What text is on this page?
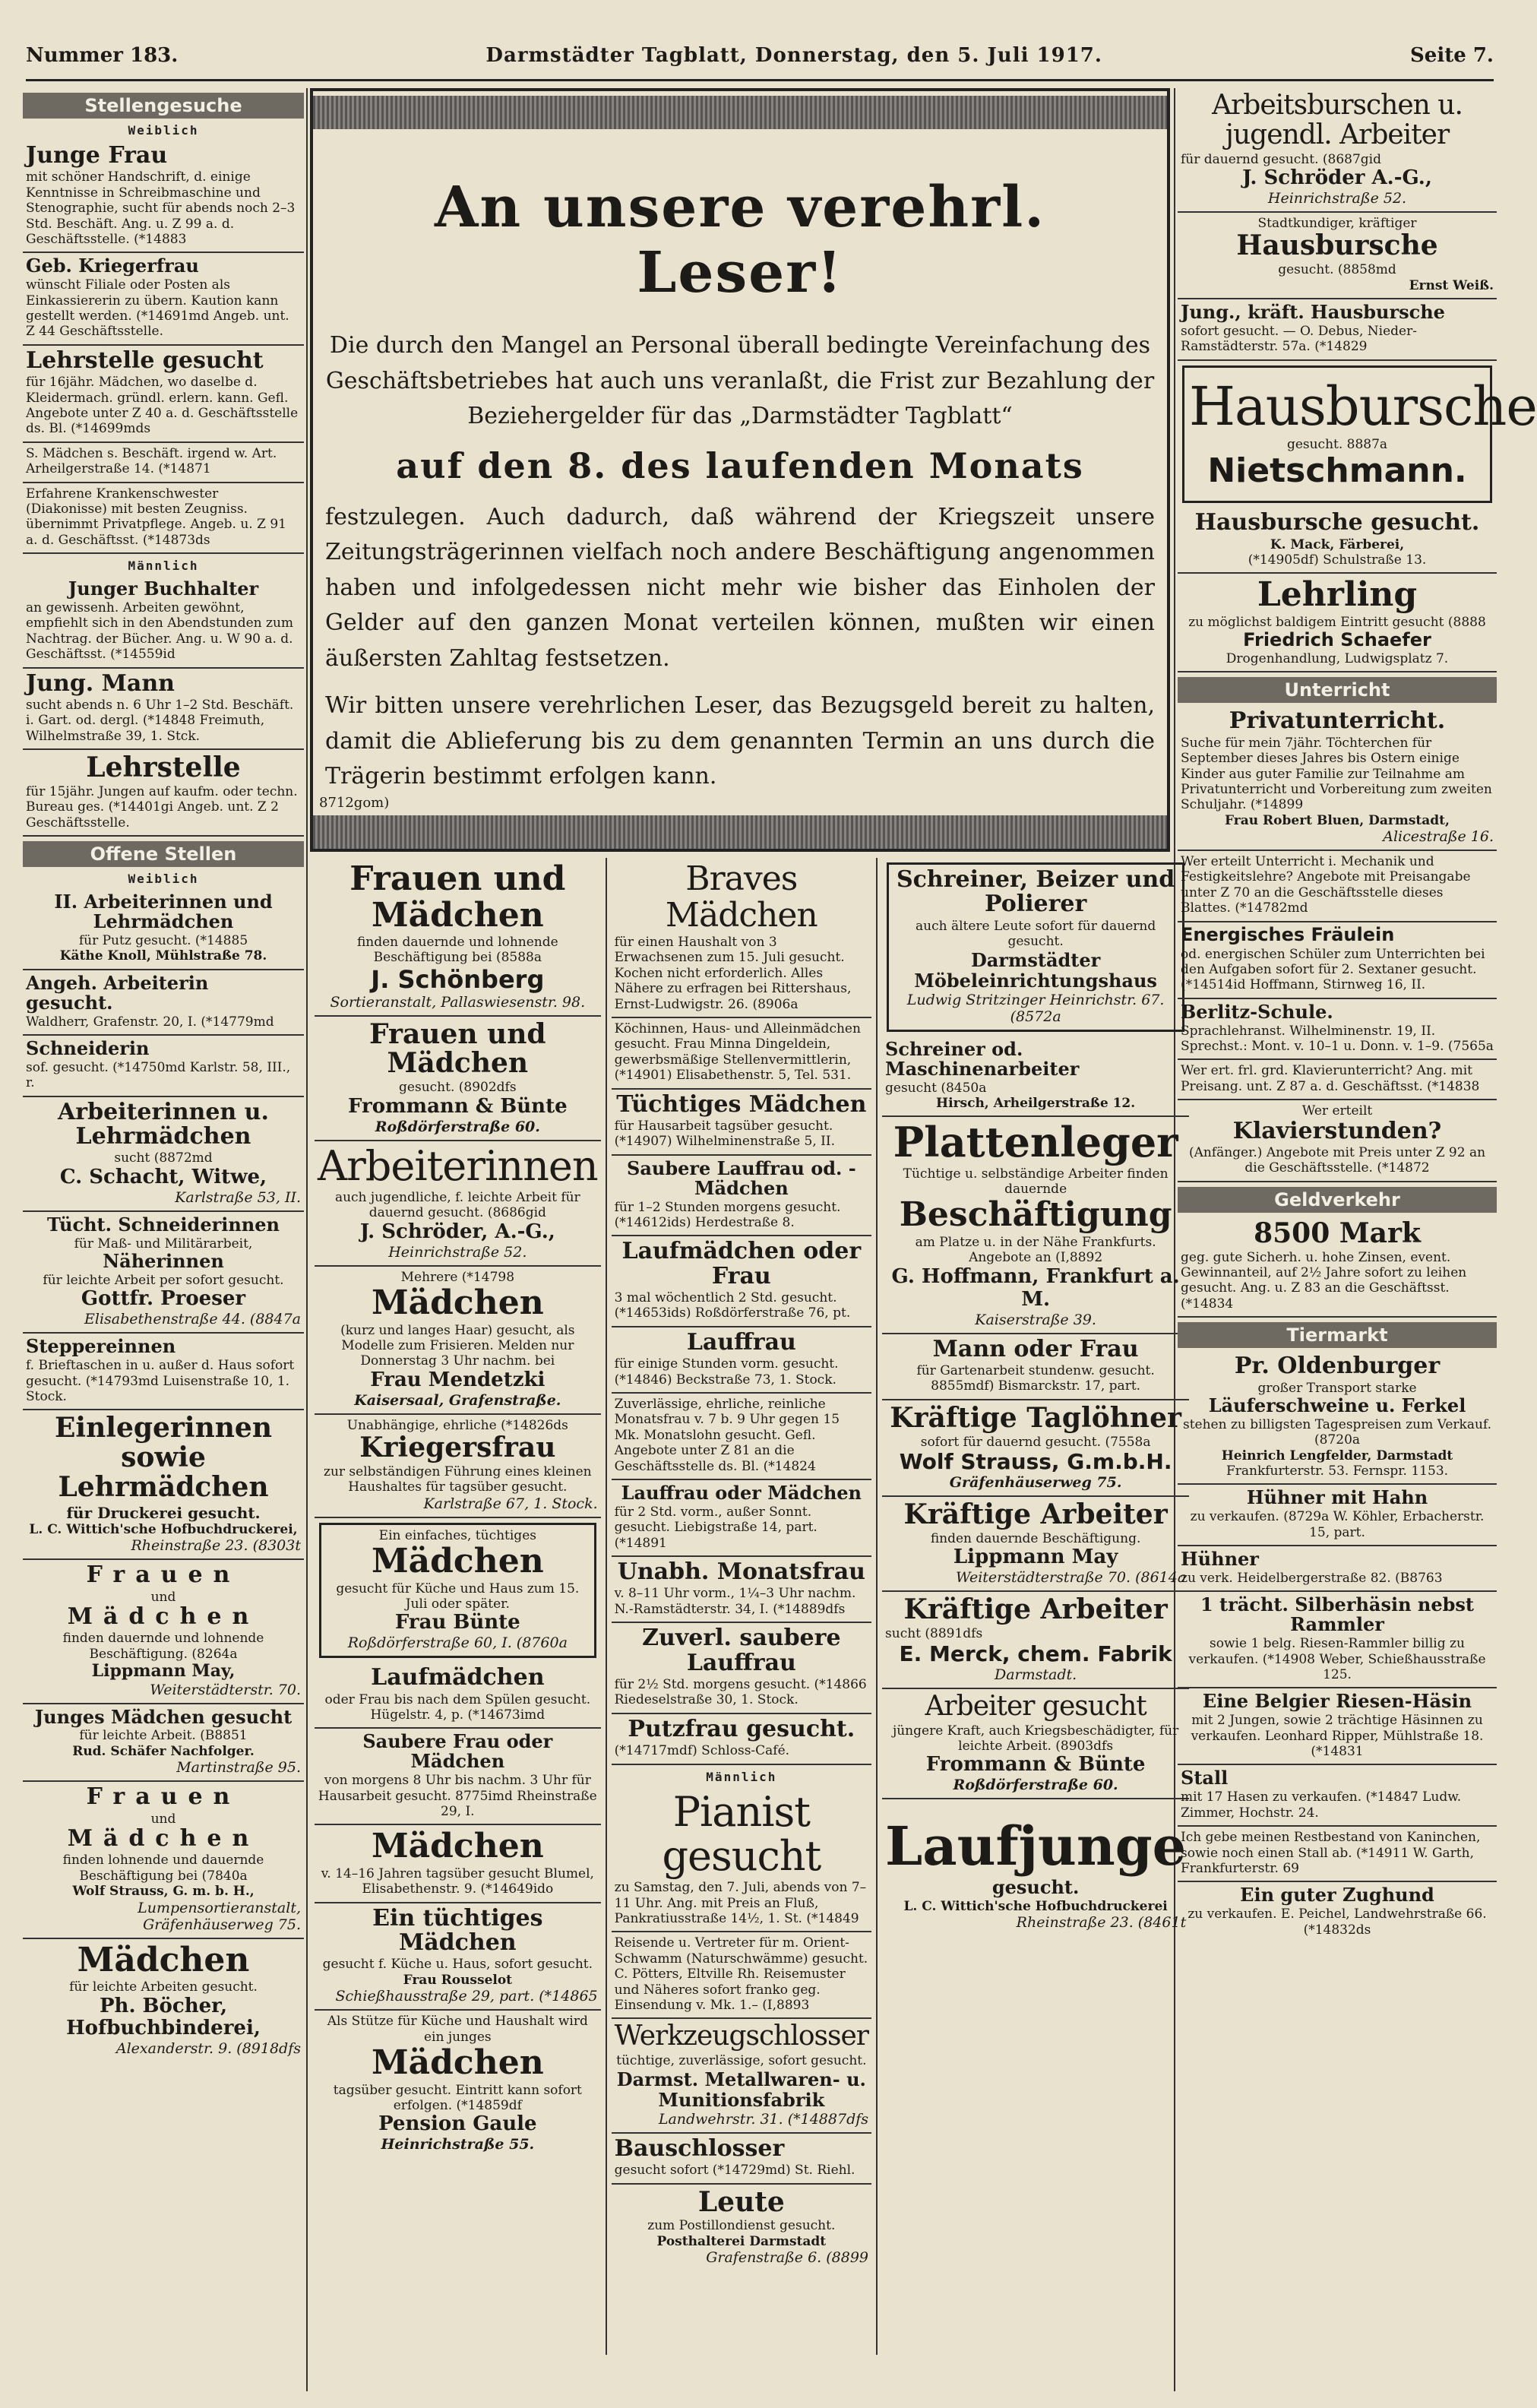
Nummer 183.	Darmstädter Tagblatt, Donnerstag, den 5. Juli 1917.	Seite 7.
Stellengesuche
Weiblich
Junge Frau
mit schöner Handschrift, d. einige Kenntnisse in Schreibmaschine und Stenographie, sucht für abends noch 2–3 Std. Beschäft. Ang. u. Z 99 a. d. Geschäftsstelle. (*14883
Geb. Kriegerfrau
wünscht Filiale oder Posten als Einkassiererin zu übern. Kaution kann gestellt werden. (*14691md Angeb. unt. Z 44 Geschäftsstelle.
Lehrstelle gesucht
für 16jähr. Mädchen, wo daselbe d. Kleidermach. gründl. erlern. kann. Gefl. Angebote unter Z 40 a. d. Geschäftsstelle ds. Bl. (*14699mds
S. Mädchen s. Beschäft. irgend w. Art. Arheilgerstraße 14. (*14871
Erfahrene Krankenschwester (Diakonisse) mit besten Zeugniss. übernimmt Privatpflege. Angeb. u. Z 91 a. d. Geschäftsst. (*14873ds
Männlich
Junger Buchhalter
an gewissenh. Arbeiten gewöhnt, empfiehlt sich in den Abendstunden zum Nachtrag. der Bücher. Ang. u. W 90 a. d. Geschäftsst. (*14559id
Jung. Mann
sucht abends n. 6 Uhr 1–2 Std. Beschäft. i. Gart. od. dergl. (*14848 Freimuth, Wilhelmstraße 39, 1. Stck.
Lehrstelle
für 15jähr. Jungen auf kaufm. oder techn. Bureau ges. (*14401gi Angeb. unt. Z 2 Geschäftsstelle.
Offene Stellen
Weiblich
II. Arbeiterinnen und Lehrmädchen
für Putz gesucht. (*14885
Käthe Knoll, Mühlstraße 78.
Angeh. Arbeiterin gesucht.
Waldherr, Grafenstr. 20, I. (*14779md
Schneiderin
sof. gesucht. (*14750md Karlstr. 58, III., r.
Arbeiterinnen u. Lehrmädchen
sucht (8872md
C. Schacht, Witwe,
Karlstraße 53, II.
Tücht. Schneiderinnen
für Maß- und Militärarbeit,
Näherinnen
für leichte Arbeit per sofort gesucht.
Gottfr. Proeser
Elisabethenstraße 44. (8847a
Steppereinnen
f. Brieftaschen in u. außer d. Haus sofort gesucht. (*14793md Luisenstraße 10, 1. Stock.
Einlegerinnen sowie Lehrmädchen
für Druckerei gesucht.
L. C. Wittich'sche Hofbuchdruckerei,
Rheinstraße 23. (8303t
Frauen
und
Mädchen
finden dauernde und lohnende Beschäftigung. (8264a
Lippmann May,
Weiterstädterstr. 70.
Junges Mädchen gesucht
für leichte Arbeit. (B8851
Rud. Schäfer Nachfolger.
Martinstraße 95.
Frauen
und
Mädchen
finden lohnende und dauernde Beschäftigung bei (7840a
Wolf Strauss, G. m. b. H.,
Lumpensortieranstalt, Gräfenhäuserweg 75.
Mädchen
für leichte Arbeiten gesucht.
Ph. Böcher, Hofbuchbinderei,
Alexanderstr. 9. (8918dfs
An unsere verehrl. Leser!

Die durch den Mangel an Personal überall bedingte Vereinfachung des Geschäftsbetriebes hat auch uns veranlaßt, die Frist zur Bezahlung der Beziehergelder für das „Darmstädter Tagblatt“

auf den 8. des laufenden Monats

festzulegen. Auch dadurch, daß während der Kriegszeit unsere Zeitungsträgerinnen vielfach noch andere Beschäftigung angenommen haben und infolgedessen nicht mehr wie bisher das Einholen der Gelder auf den ganzen Monat verteilen können, mußten wir einen äußersten Zahltag festsetzen.

Wir bitten unsere verehrlichen Leser, das Bezugsgeld bereit zu halten, damit die Ablieferung bis zu dem genannten Termin an uns durch die Trägerin bestimmt erfolgen kann.

8712gom)
Frauen und Mädchen
finden dauernde und lohnende Beschäftigung bei (8588a
J. Schönberg
Sortieranstalt, Pallaswiesenstr. 98.
Frauen und Mädchen
gesucht. (8902dfs
Frommann & Bünte
Roßdörferstraße 60.
Arbeiterinnen
auch jugendliche, f. leichte Arbeit für dauernd gesucht. (8686gid
J. Schröder, A.-G.,
Heinrichstraße 52.
Mehrere (*14798
Mädchen
(kurz und langes Haar) gesucht, als Modelle zum Frisieren. Melden nur Donnerstag 3 Uhr nachm. bei
Frau Mendetzki
Kaisersaal, Grafenstraße.
Unabhängige, ehrliche (*14826ds
Kriegersfrau
zur selbständigen Führung eines kleinen Haushaltes für tagsüber gesucht.
Karlstraße 67, 1. Stock.
Ein einfaches, tüchtiges
Mädchen
gesucht für Küche und Haus zum 15. Juli oder später.
Frau Bünte
Roßdörferstraße 60, I. (8760a
Laufmädchen
oder Frau bis nach dem Spülen gesucht. Hügelstr. 4, p. (*14673imd
Saubere Frau oder Mädchen
von morgens 8 Uhr bis nachm. 3 Uhr für Hausarbeit gesucht. 8775imd Rheinstraße 29, I.
Mädchen
v. 14–16 Jahren tagsüber gesucht Blumel, Elisabethenstr. 9. (*14649ido
Ein tüchtiges Mädchen
gesucht f. Küche u. Haus, sofort gesucht.
Frau Rousselot
Schießhausstraße 29, part. (*14865
Als Stütze für Küche und Haushalt wird ein junges
Mädchen
tagsüber gesucht. Eintritt kann sofort erfolgen. (*14859df
Pension Gaule
Heinrichstraße 55.
Braves Mädchen
für einen Haushalt von 3 Erwachsenen zum 15. Juli gesucht. Kochen nicht erforderlich. Alles Nähere zu erfragen bei Rittershaus, Ernst-Ludwigstr. 26. (8906a
Köchinnen, Haus- und Alleinmädchen gesucht. Frau Minna Dingeldein, gewerbsmäßige Stellenvermittlerin, (*14901) Elisabethenstr. 5, Tel. 531.
Tüchtiges Mädchen
für Hausarbeit tagsüber gesucht. (*14907) Wilhelminenstraße 5, II.
Saubere Lauffrau od. -Mädchen
für 1–2 Stunden morgens gesucht. (*14612ids) Herdestraße 8.
Laufmädchen oder Frau
3 mal wöchentlich 2 Std. gesucht. (*14653ids) Roßdörferstraße 76, pt.
Lauffrau
für einige Stunden vorm. gesucht. (*14846) Beckstraße 73, 1. Stock.
Zuverlässige, ehrliche, reinliche Monatsfrau v. 7 b. 9 Uhr gegen 15 Mk. Monatslohn gesucht. Gefl. Angebote unter Z 81 an die Geschäftsstelle ds. Bl. (*14824
Lauffrau oder Mädchen
für 2 Std. vorm., außer Sonnt. gesucht. Liebigstraße 14, part. (*14891
Unabh. Monatsfrau
v. 8–11 Uhr vorm., 1¼–3 Uhr nachm. N.-Ramstädterstr. 34, I. (*14889dfs
Zuverl. saubere Lauffrau
für 2½ Std. morgens gesucht. (*14866 Riedeselstraße 30, 1. Stock.
Putzfrau gesucht.
(*14717mdf) Schloss-Café.
Männlich
Pianist gesucht
zu Samstag, den 7. Juli, abends von 7–11 Uhr. Ang. mit Preis an Fluß, Pankratiusstraße 14½, 1. St. (*14849
Reisende u. Vertreter für m. Orient-Schwamm (Naturschwämme) gesucht. C. Pötters, Eltville Rh. Reisemuster und Näheres sofort franko geg. Einsendung v. Mk. 1.– (I,8893
Werkzeugschlosser
tüchtige, zuverlässige, sofort gesucht.
Darmst. Metallwaren- u. Munitionsfabrik
Landwehrstr. 31. (*14887dfs
Bauschlosser
gesucht sofort (*14729md) St. Riehl.
Leute
zum Postillondienst gesucht.
Posthalterei Darmstadt
Grafenstraße 6. (8899
Schreiner, Beizer und Polierer
auch ältere Leute sofort für dauernd gesucht.
Darmstädter Möbeleinrichtungshaus
Ludwig Stritzinger Heinrichstr. 67. (8572a
Schreiner od. Maschinenarbeiter
gesucht (8450a
Hirsch, Arheilgerstraße 12.
Plattenleger
Tüchtige u. selbständige Arbeiter finden dauernde
Beschäftigung
am Platze u. in der Nähe Frankfurts. Angebote an (I,8892
G. Hoffmann, Frankfurt a. M.
Kaiserstraße 39.
Mann oder Frau
für Gartenarbeit stundenw. gesucht. 8855mdf) Bismarckstr. 17, part.
Kräftige Taglöhner
sofort für dauernd gesucht. (7558a
Wolf Strauss, G.m.b.H.
Gräfenhäuserweg 75.
Kräftige Arbeiter
finden dauernde Beschäftigung.
Lippmann May
Weiterstädterstraße 70. (8614a
Kräftige Arbeiter
sucht (8891dfs
E. Merck, chem. Fabrik
Darmstadt.
Arbeiter gesucht
jüngere Kraft, auch Kriegsbeschädigter, für leichte Arbeit. (8903dfs
Frommann & Bünte
Roßdörferstraße 60.
Laufjunge
gesucht.
L. C. Wittich'sche Hofbuchdruckerei
Rheinstraße 23. (8461t
Arbeitsburschen u. jugendl. Arbeiter
für dauernd gesucht. (8687gid
J. Schröder A.-G.,
Heinrichstraße 52.
Stadtkundiger, kräftiger
Hausbursche
gesucht. (8858md
Ernst Weiß.
Jung., kräft. Hausbursche
sofort gesucht. — O. Debus, Nieder-Ramstädterstr. 57a. (*14829
Hausbursche
gesucht. 8887a
Nietschmann.
Hausbursche gesucht.
K. Mack, Färberei,
(*14905df) Schulstraße 13.
Lehrling
zu möglichst baldigem Eintritt gesucht (8888
Friedrich Schaefer
Drogenhandlung, Ludwigsplatz 7.
Unterricht
Privatunterricht.
Suche für mein 7jähr. Töchterchen für September dieses Jahres bis Ostern einige Kinder aus guter Familie zur Teilnahme am Privatunterricht und Vorbereitung zum zweiten Schuljahr. (*14899
Frau Robert Bluen, Darmstadt,
Alicestraße 16.
Wer erteilt Unterricht i. Mechanik und Festigkeitslehre? Angebote mit Preisangabe unter Z 70 an die Geschäftsstelle dieses Blattes. (*14782md
Energisches Fräulein
od. energischen Schüler zum Unterrichten bei den Aufgaben sofort für 2. Sextaner gesucht. (*14514id Hoffmann, Stirnweg 16, II.
Berlitz-Schule.
Sprachlehranst. Wilhelminenstr. 19, II. Sprechst.: Mont. v. 10–1 u. Donn. v. 1–9. (7565a
Wer ert. frl. grd. Klavierunterricht? Ang. mit Preisang. unt. Z 87 a. d. Geschäftsst. (*14838
Wer erteilt
Klavierstunden?
(Anfänger.) Angebote mit Preis unter Z 92 an die Geschäftsstelle. (*14872
Geldverkehr
8500 Mark
geg. gute Sicherh. u. hohe Zinsen, event. Gewinnanteil, auf 2½ Jahre sofort zu leihen gesucht. Ang. u. Z 83 an die Geschäftsst. (*14834
Tiermarkt
Pr. Oldenburger
großer Transport starke
Läuferschweine u. Ferkel
stehen zu billigsten Tagespreisen zum Verkauf. (8720a
Heinrich Lengfelder, Darmstadt
Frankfurterstr. 53. Fernspr. 1153.
Hühner mit Hahn
zu verkaufen. (8729a W. Köhler, Erbacherstr. 15, part.
Hühner
zu verk. Heidelbergerstraße 82. (B8763
1 trächt. Silberhäsin nebst Rammler
sowie 1 belg. Riesen-Rammler billig zu verkaufen. (*14908 Weber, Schießhausstraße 125.
Eine Belgier Riesen-Häsin
mit 2 Jungen, sowie 2 trächtige Häsinnen zu verkaufen. Leonhard Ripper, Mühlstraße 18. (*14831
Stall
mit 17 Hasen zu verkaufen. (*14847 Ludw. Zimmer, Hochstr. 24.
Ich gebe meinen Restbestand von Kaninchen, sowie noch einen Stall ab. (*14911 W. Garth, Frankfurterstr. 69
Ein guter Zughund
zu verkaufen. E. Peichel, Landwehrstraße 66. (*14832ds
